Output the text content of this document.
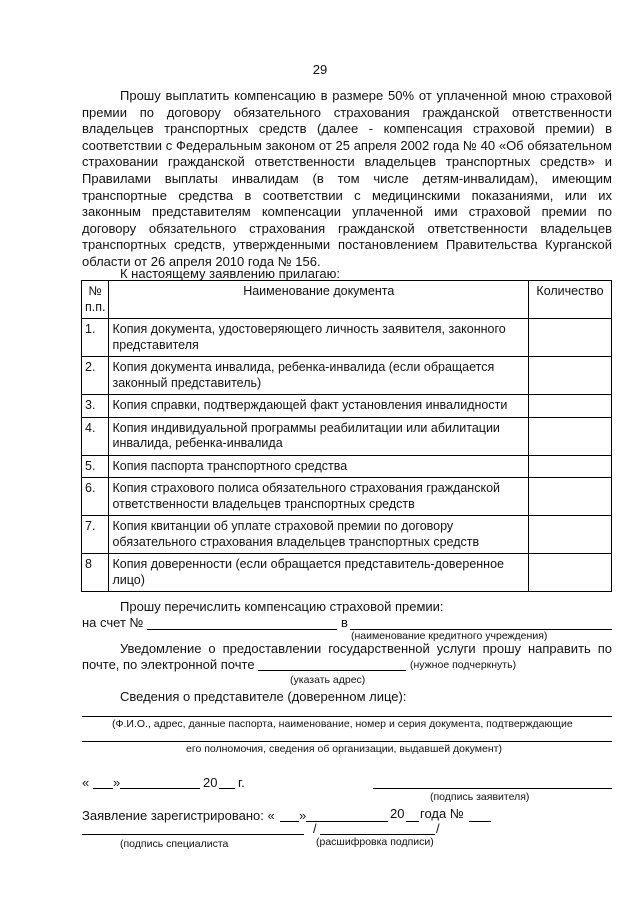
29
Прошу выплатить компенсацию в размере 50% от уплаченной мною страховой премии по договору обязательного страхования гражданской ответственности владельцев транспортных средств (далее - компенсация страховой премии) в соответствии с Федеральным законом от 25 апреля 2002 года № 40 «Об обязательном страховании гражданской ответственности владельцев транспортных средств» и Правилами выплаты инвалидам (в том числе детям-инвалидам), имеющим транспортные средства в соответствии с медицинскими показаниями, или их законным представителям компенсации уплаченной ими страховой премии по договору обязательного страхования гражданской ответственности владельцев транспортных средств, утвержденными постановлением Правительства Курганской области от 26 апреля 2010 года № 156.
К настоящему заявлению прилагаю:
№ п.п.	Наименование документа	Количество
1.	Копия документа, удостоверяющего личность заявителя, законного представителя	
2.	Копия документа инвалида, ребенка-инвалида (если обращается законный представитель)	
3.	Копия справки, подтверждающей факт установления инвалидности	
4.	Копия индивидуальной программы реабилитации или абилитации инвалида, ребенка-инвалида	
5.	Копия паспорта транспортного средства	
6.	Копия страхового полиса обязательного страхования гражданской ответственности владельцев транспортных средств	
7.	Копия квитанции об уплате страховой премии по договору обязательного страхования владельцев транспортных средств	
8	Копия доверенности (если обращается представитель-доверенное лицо)	
Прошу перечислить компенсацию страховой премии:
на счет №	в
(наименование кредитного учреждения)
Уведомление о предоставлении государственной услуги прошу направить по
почте, по электронной почте	(нужное подчеркнуть)
(указать адрес)
Сведения о представителе (доверенном лице):
(Ф.И.О., адрес, данные паспорта, наименование, номер и серия документа, подтверждающие
его полномочия, сведения об организации, выдавшей документ)
« »	20 г.
(подпись заявителя)
Заявление зарегистрировано: « »	20 года №
/	/
(подпись специалиста	(расшифровка подписи)
